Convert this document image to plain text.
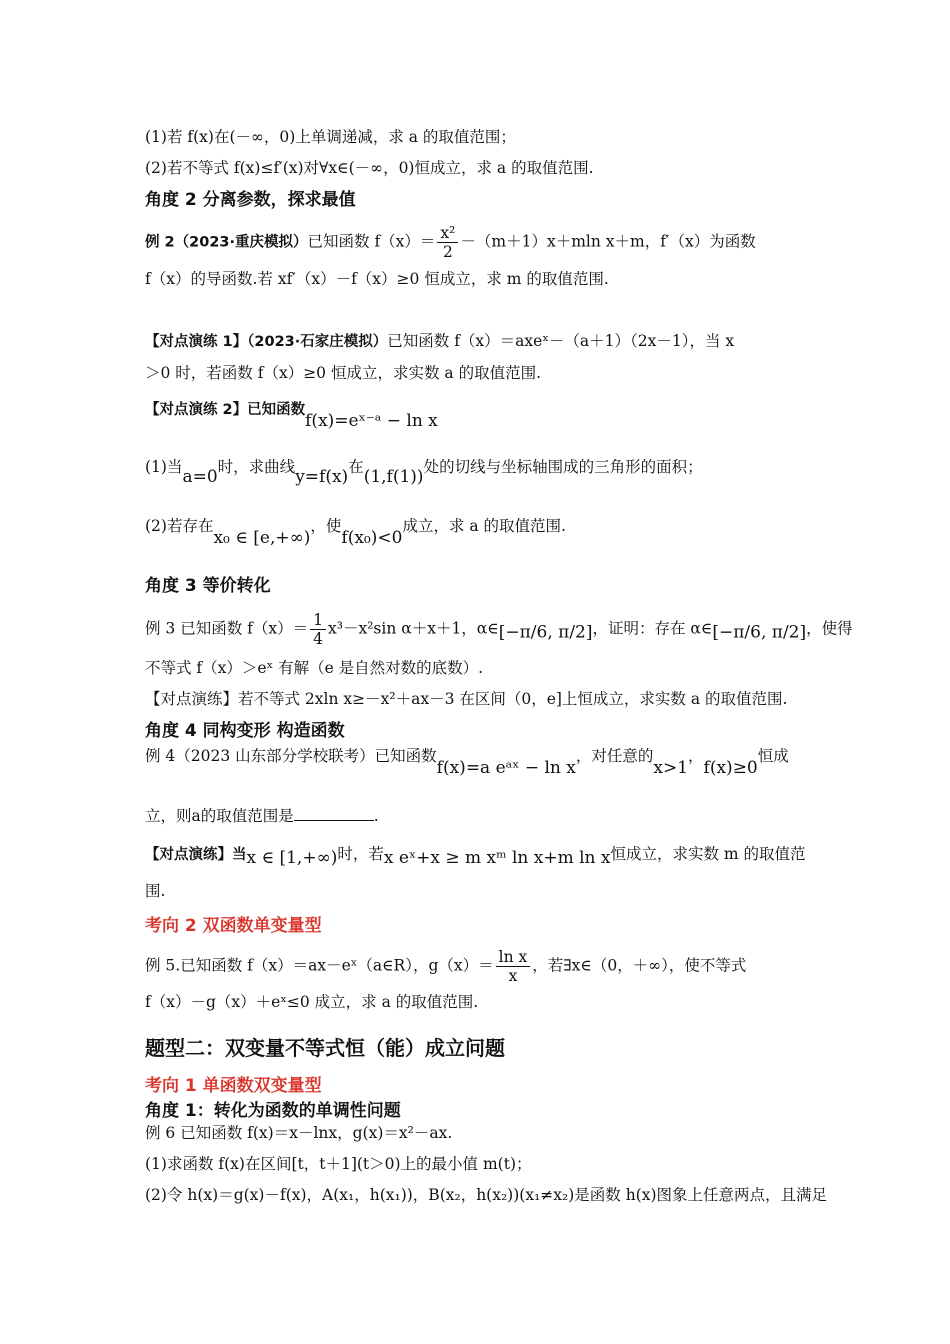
(1)若 f(x)在(－∞，0)上单调递减，求 a 的取值范围；
(2)若不等式 f(x)≤f′(x)对∀x∈(－∞，0)恒成立，求 a 的取值范围.
角度 2 分离参数，探求最值
例 2（2023·重庆模拟）已知函数 $f(x)= \frac{\text{x²}}{2} -(m+1)x+mln$ x＋m，f′（x）为函数
f（x）的导函数.若 xf′（x）－f（x）≥0 恒成立，求 m 的取值范围.
【对点演练 1】（2023·石家庄模拟）已知函数 f（x）＝axeˣ－（a＋1）（2x－1），当 x
＞0 时，若函数 f（x）≥0 恒成立，求实数 a 的取值范围.
【对点演练 2】已知函数f(x)=eˣ⁻ᵃ − ln x
(1)当a=0时，求曲线y=f(x)在(1,f(1))处的切线与坐标轴围成的三角形的面积；
(2)若存在x₀ ∈ [e,+∞)，使f(x₀)<0成立，求 a 的取值范围.
角度 3 等价转化
例 3 已知函数 $f(x)= \frac{1}{4} x^3-x^2\sin$ α＋x＋1，α∈[−π/6, π/2]，证明：存在 α∈[−π/6, π/2]，使得
不等式 f（x）＞eˣ 有解（e 是自然对数的底数）.
【对点演练】若不等式 2xln x≥－x²＋ax－3 在区间（0，e]上恒成立，求实数 a 的取值范围.
角度 4 同构变形 构造函数
例 4（2023 山东部分学校联考）已知函数f(x)=a eᵃˣ − ln x，对任意的x>1，f(x)≥0恒成
立，则a的取值范围是	.
【对点演练】当x ∈ [1,+∞)时，若x eˣ+x ≥ m xᵐ ln x+m ln x恒成立，求实数 m 的取值范
围.
考向 2 双函数单变量型
例 5.已知函数 f（x）＝ax－eˣ（a∈R），$g(x)= \frac{\text{ln x}}{x}$ ，若∃x∈（0，＋∞），使不等式
f（x）－g（x）＋eˣ≤0 成立，求 a 的取值范围.
题型二：双变量不等式恒（能）成立问题
考向 1 单函数双变量型
角度 1：转化为函数的单调性问题
例 6 已知函数 f(x)＝x－lnx，g(x)＝x²－ax.
(1)求函数 f(x)在区间[t，t＋1](t＞0)上的最小值 m(t)；
(2)令 h(x)＝g(x)－f(x)，A(x₁，h(x₁))，B(x₂，h(x₂))(x₁≠x₂)是函数 h(x)图象上任意两点，且满足
